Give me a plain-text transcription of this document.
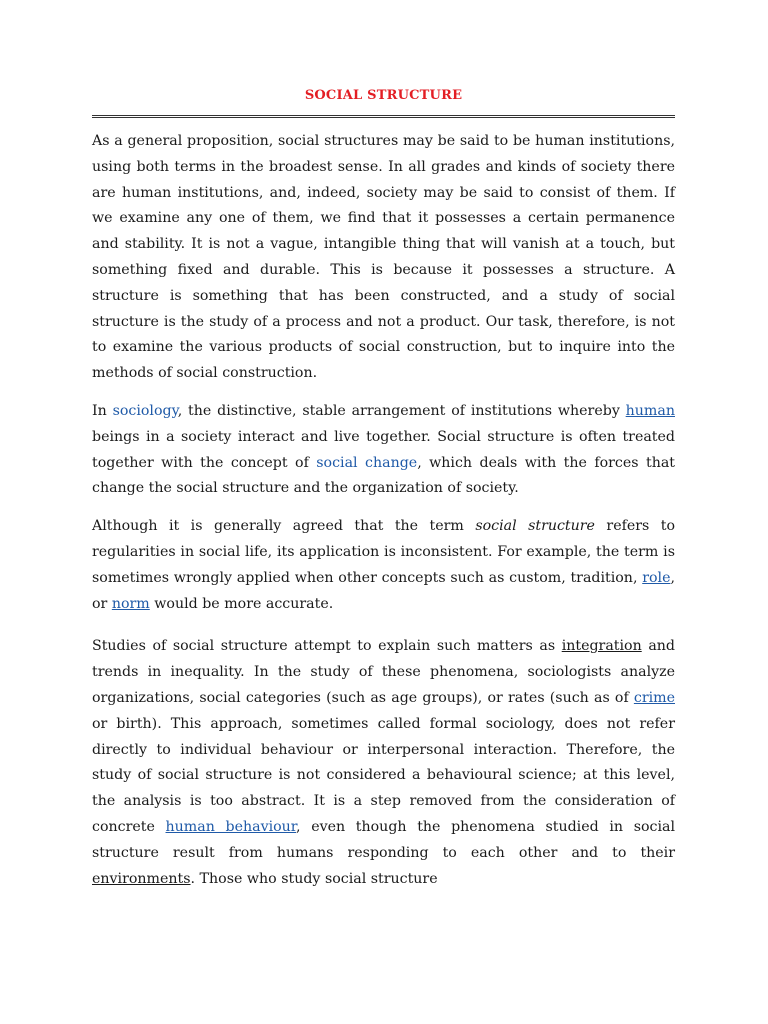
SOCIAL STRUCTURE

As a general proposition, social structures may be said to be human institutions, using both terms in the broadest sense. In all grades and kinds of society there are human institutions, and, indeed, society may be said to consist of them. If we examine any one of them, we find that it possesses a certain permanence and stability. It is not a vague, intangible thing that will vanish at a touch, but something fixed and durable. This is because it possesses a structure. A structure is something that has been constructed, and a study of social structure is the study of a process and not a product. Our task, therefore, is not to examine the various products of social construction, but to inquire into the methods of social construction.

In sociology, the distinctive, stable arrangement of institutions whereby human beings in a society interact and live together. Social structure is often treated together with the concept of social change, which deals with the forces that change the social structure and the organization of society.

Although it is generally agreed that the term social structure refers to regularities in social life, its application is inconsistent. For example, the term is sometimes wrongly applied when other concepts such as custom, tradition, role, or norm would be more accurate.

Studies of social structure attempt to explain such matters as integration and trends in inequality. In the study of these phenomena, sociologists analyze organizations, social categories (such as age groups), or rates (such as of crime or birth). This approach, sometimes called formal sociology, does not refer directly to individual behaviour or interpersonal interaction. Therefore, the study of social structure is not considered a behavioural science; at this level, the analysis is too abstract. It is a step removed from the consideration of concrete human behaviour, even though the phenomena studied in social structure result from humans responding to each other and to their environments. Those who study social structure
